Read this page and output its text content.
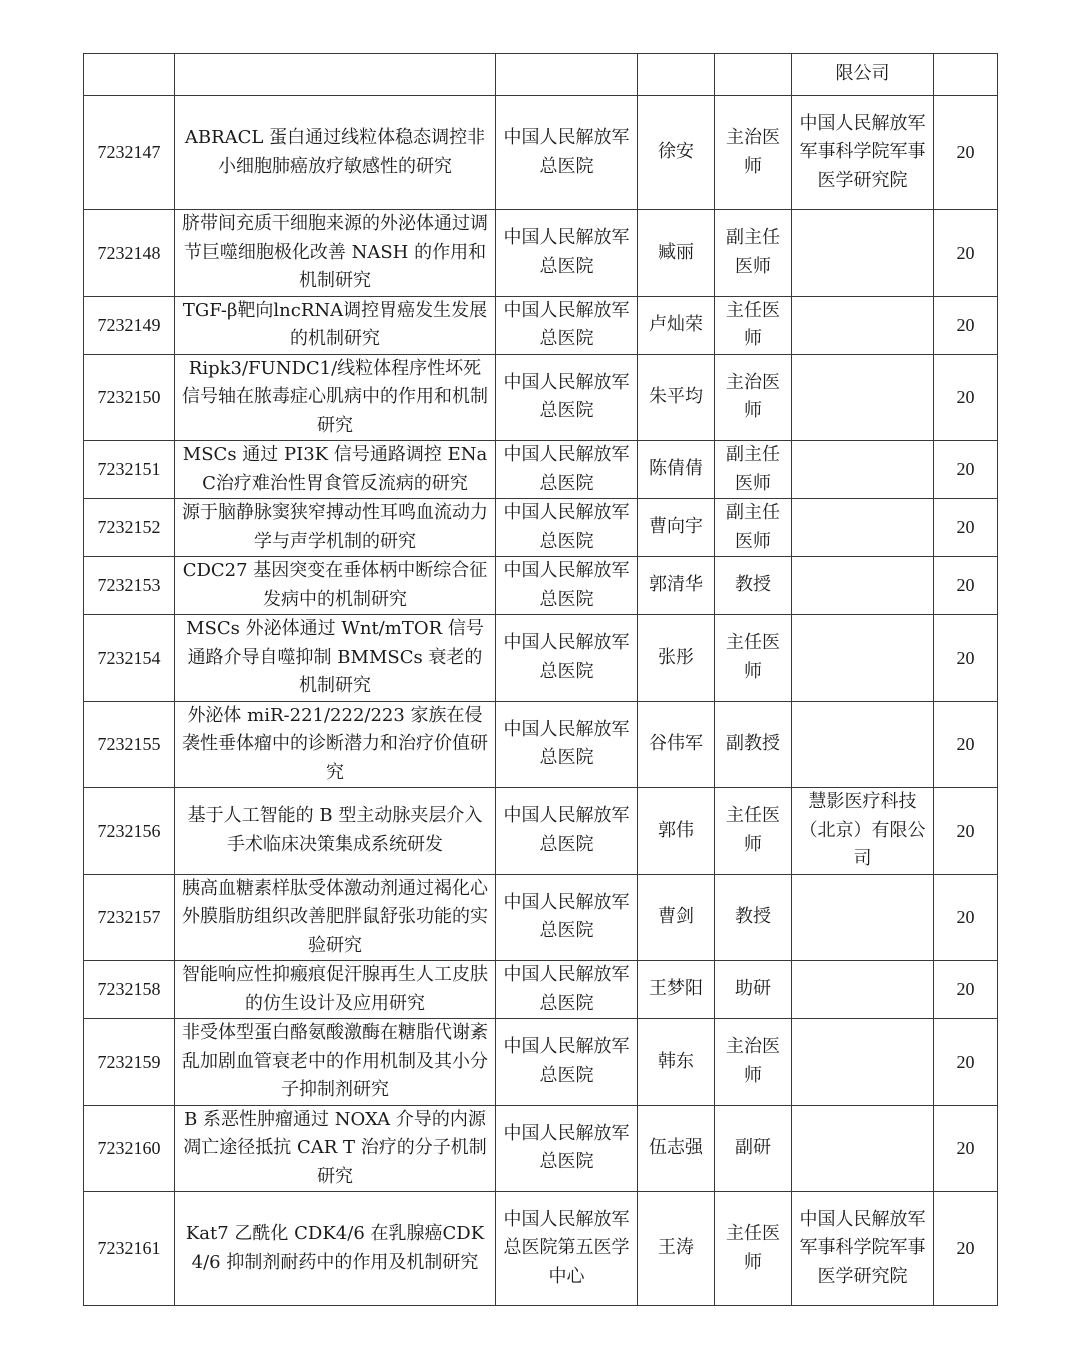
					限公司	
7232147	ABRACL 蛋白通过线粒体稳态调控非小细胞肺癌放疗敏感性的研究	中国人民解放军总医院	徐安	主治医师	中国人民解放军军事科学院军事医学研究院	20
7232148	脐带间充质干细胞来源的外泌体通过调节巨噬细胞极化改善 NASH 的作用和机制研究	中国人民解放军总医院	臧丽	副主任医师		20
7232149	TGF-β靶向lncRNA调控胃癌发生发展的机制研究	中国人民解放军总医院	卢灿荣	主任医师		20
7232150	Ripk3/FUNDC1/线粒体程序性坏死信号轴在脓毒症心肌病中的作用和机制研究	中国人民解放军总医院	朱平均	主治医师		20
7232151	MSCs 通过 PI3K 信号通路调控 ENaC治疗难治性胃食管反流病的研究	中国人民解放军总医院	陈倩倩	副主任医师		20
7232152	源于脑静脉窦狭窄搏动性耳鸣血流动力学与声学机制的研究	中国人民解放军总医院	曹向宇	副主任医师		20
7232153	CDC27 基因突变在垂体柄中断综合征发病中的机制研究	中国人民解放军总医院	郭清华	教授		20
7232154	MSCs 外泌体通过 Wnt/mTOR 信号通路介导自噬抑制 BMMSCs 衰老的机制研究	中国人民解放军总医院	张彤	主任医师		20
7232155	外泌体 miR-221/222/223 家族在侵袭性垂体瘤中的诊断潜力和治疗价值研究	中国人民解放军总医院	谷伟军	副教授		20
7232156	基于人工智能的 B 型主动脉夹层介入手术临床决策集成系统研发	中国人民解放军总医院	郭伟	主任医师	慧影医疗科技（北京）有限公司	20
7232157	胰高血糖素样肽受体激动剂通过褐化心外膜脂肪组织改善肥胖鼠舒张功能的实验研究	中国人民解放军总医院	曹剑	教授		20
7232158	智能响应性抑瘢痕促汗腺再生人工皮肤的仿生设计及应用研究	中国人民解放军总医院	王梦阳	助研		20
7232159	非受体型蛋白酪氨酸激酶在糖脂代谢紊乱加剧血管衰老中的作用机制及其小分子抑制剂研究	中国人民解放军总医院	韩东	主治医师		20
7232160	B 系恶性肿瘤通过 NOXA 介导的内源凋亡途径抵抗 CAR T 治疗的分子机制研究	中国人民解放军总医院	伍志强	副研		20
7232161	Kat7 乙酰化 CDK4/6 在乳腺癌CDK4/6 抑制剂耐药中的作用及机制研究	中国人民解放军总医院第五医学中心	王涛	主任医师	中国人民解放军军事科学院军事医学研究院	20
